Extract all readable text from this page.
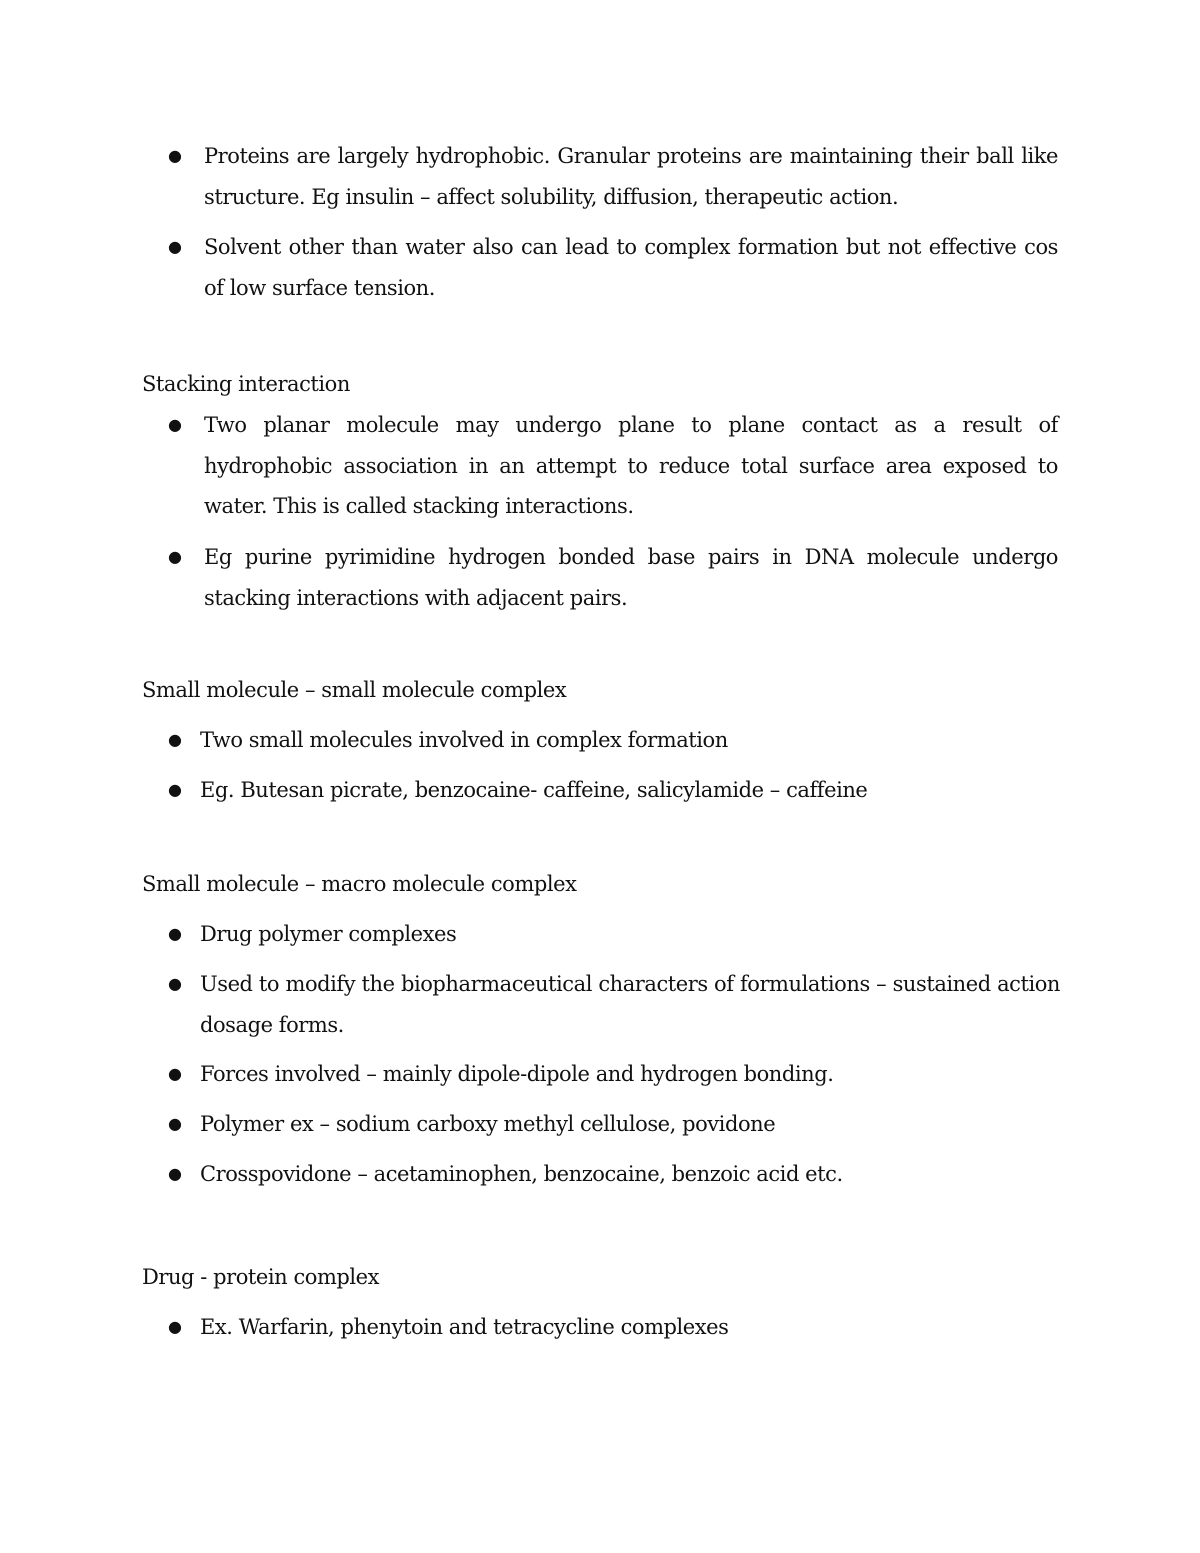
● Proteins are largely hydrophobic. Granular proteins are maintaining their ball like structure. Eg insulin – affect solubility, diffusion, therapeutic action.
● Solvent other than water also can lead to complex formation but not effective cos of low surface tension.
Stacking interaction
● Two planar molecule may undergo plane to plane contact as a result of hydrophobic association in an attempt to reduce total surface area exposed to water. This is called stacking interactions.
● Eg purine pyrimidine hydrogen bonded base pairs in DNA molecule undergo stacking interactions with adjacent pairs.
Small molecule – small molecule complex
● Two small molecules involved in complex formation
● Eg. Butesan picrate, benzocaine- caffeine, salicylamide – caffeine
Small molecule – macro molecule complex
● Drug polymer complexes
● Used to modify the biopharmaceutical characters of formulations – sustained action dosage forms.
● Forces involved – mainly dipole-dipole and hydrogen bonding.
● Polymer ex – sodium carboxy methyl cellulose, povidone
● Crosspovidone – acetaminophen, benzocaine, benzoic acid etc.
Drug - protein complex
● Ex. Warfarin, phenytoin and tetracycline complexes
